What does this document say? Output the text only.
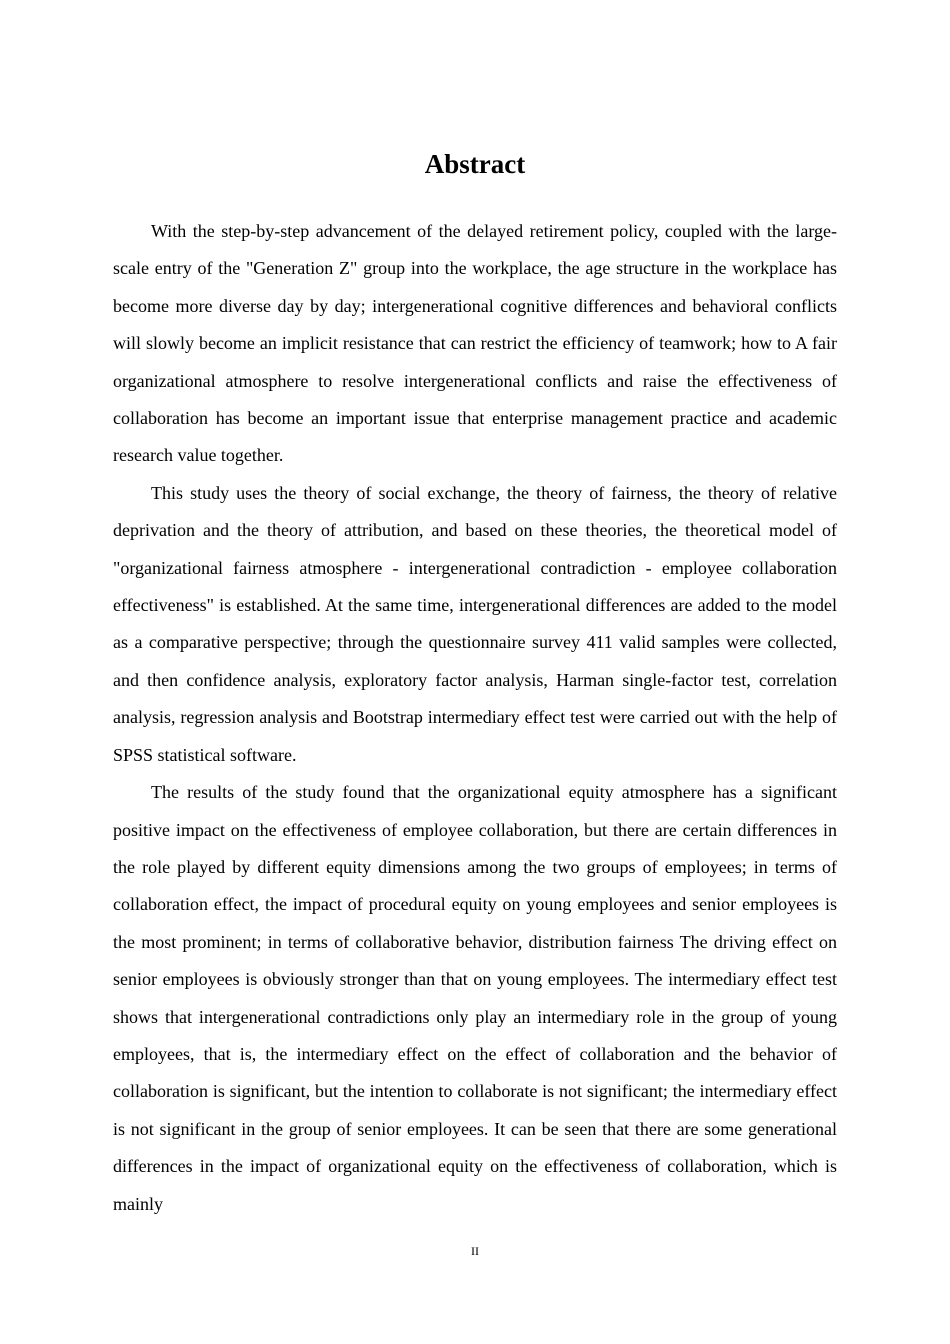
Abstract

With the step-by-step advancement of the delayed retirement policy, coupled with the large-scale entry of the "Generation Z" group into the workplace, the age structure in the workplace has become more diverse day by day; intergenerational cognitive differences and behavioral conflicts will slowly become an implicit resistance that can restrict the efficiency of teamwork; how to A fair organizational atmosphere to resolve intergenerational conflicts and raise the effectiveness of collaboration has become an important issue that enterprise management practice and academic research value together.

This study uses the theory of social exchange, the theory of fairness, the theory of relative deprivation and the theory of attribution, and based on these theories, the theoretical model of "organizational fairness atmosphere - intergenerational contradiction - employee collaboration effectiveness" is established. At the same time, intergenerational differences are added to the model as a comparative perspective; through the questionnaire survey 411 valid samples were collected, and then confidence analysis, exploratory factor analysis, Harman single-factor test, correlation analysis, regression analysis and Bootstrap intermediary effect test were carried out with the help of SPSS statistical software.

The results of the study found that the organizational equity atmosphere has a significant positive impact on the effectiveness of employee collaboration, but there are certain differences in the role played by different equity dimensions among the two groups of employees; in terms of collaboration effect, the impact of procedural equity on young employees and senior employees is the most prominent; in terms of collaborative behavior, distribution fairness The driving effect on senior employees is obviously stronger than that on young employees. The intermediary effect test shows that intergenerational contradictions only play an intermediary role in the group of young employees, that is, the intermediary effect on the effect of collaboration and the behavior of collaboration is significant, but the intention to collaborate is not significant; the intermediary effect is not significant in the group of senior employees. It can be seen that there are some generational differences in the impact of organizational equity on the effectiveness of collaboration, which is mainly

II
